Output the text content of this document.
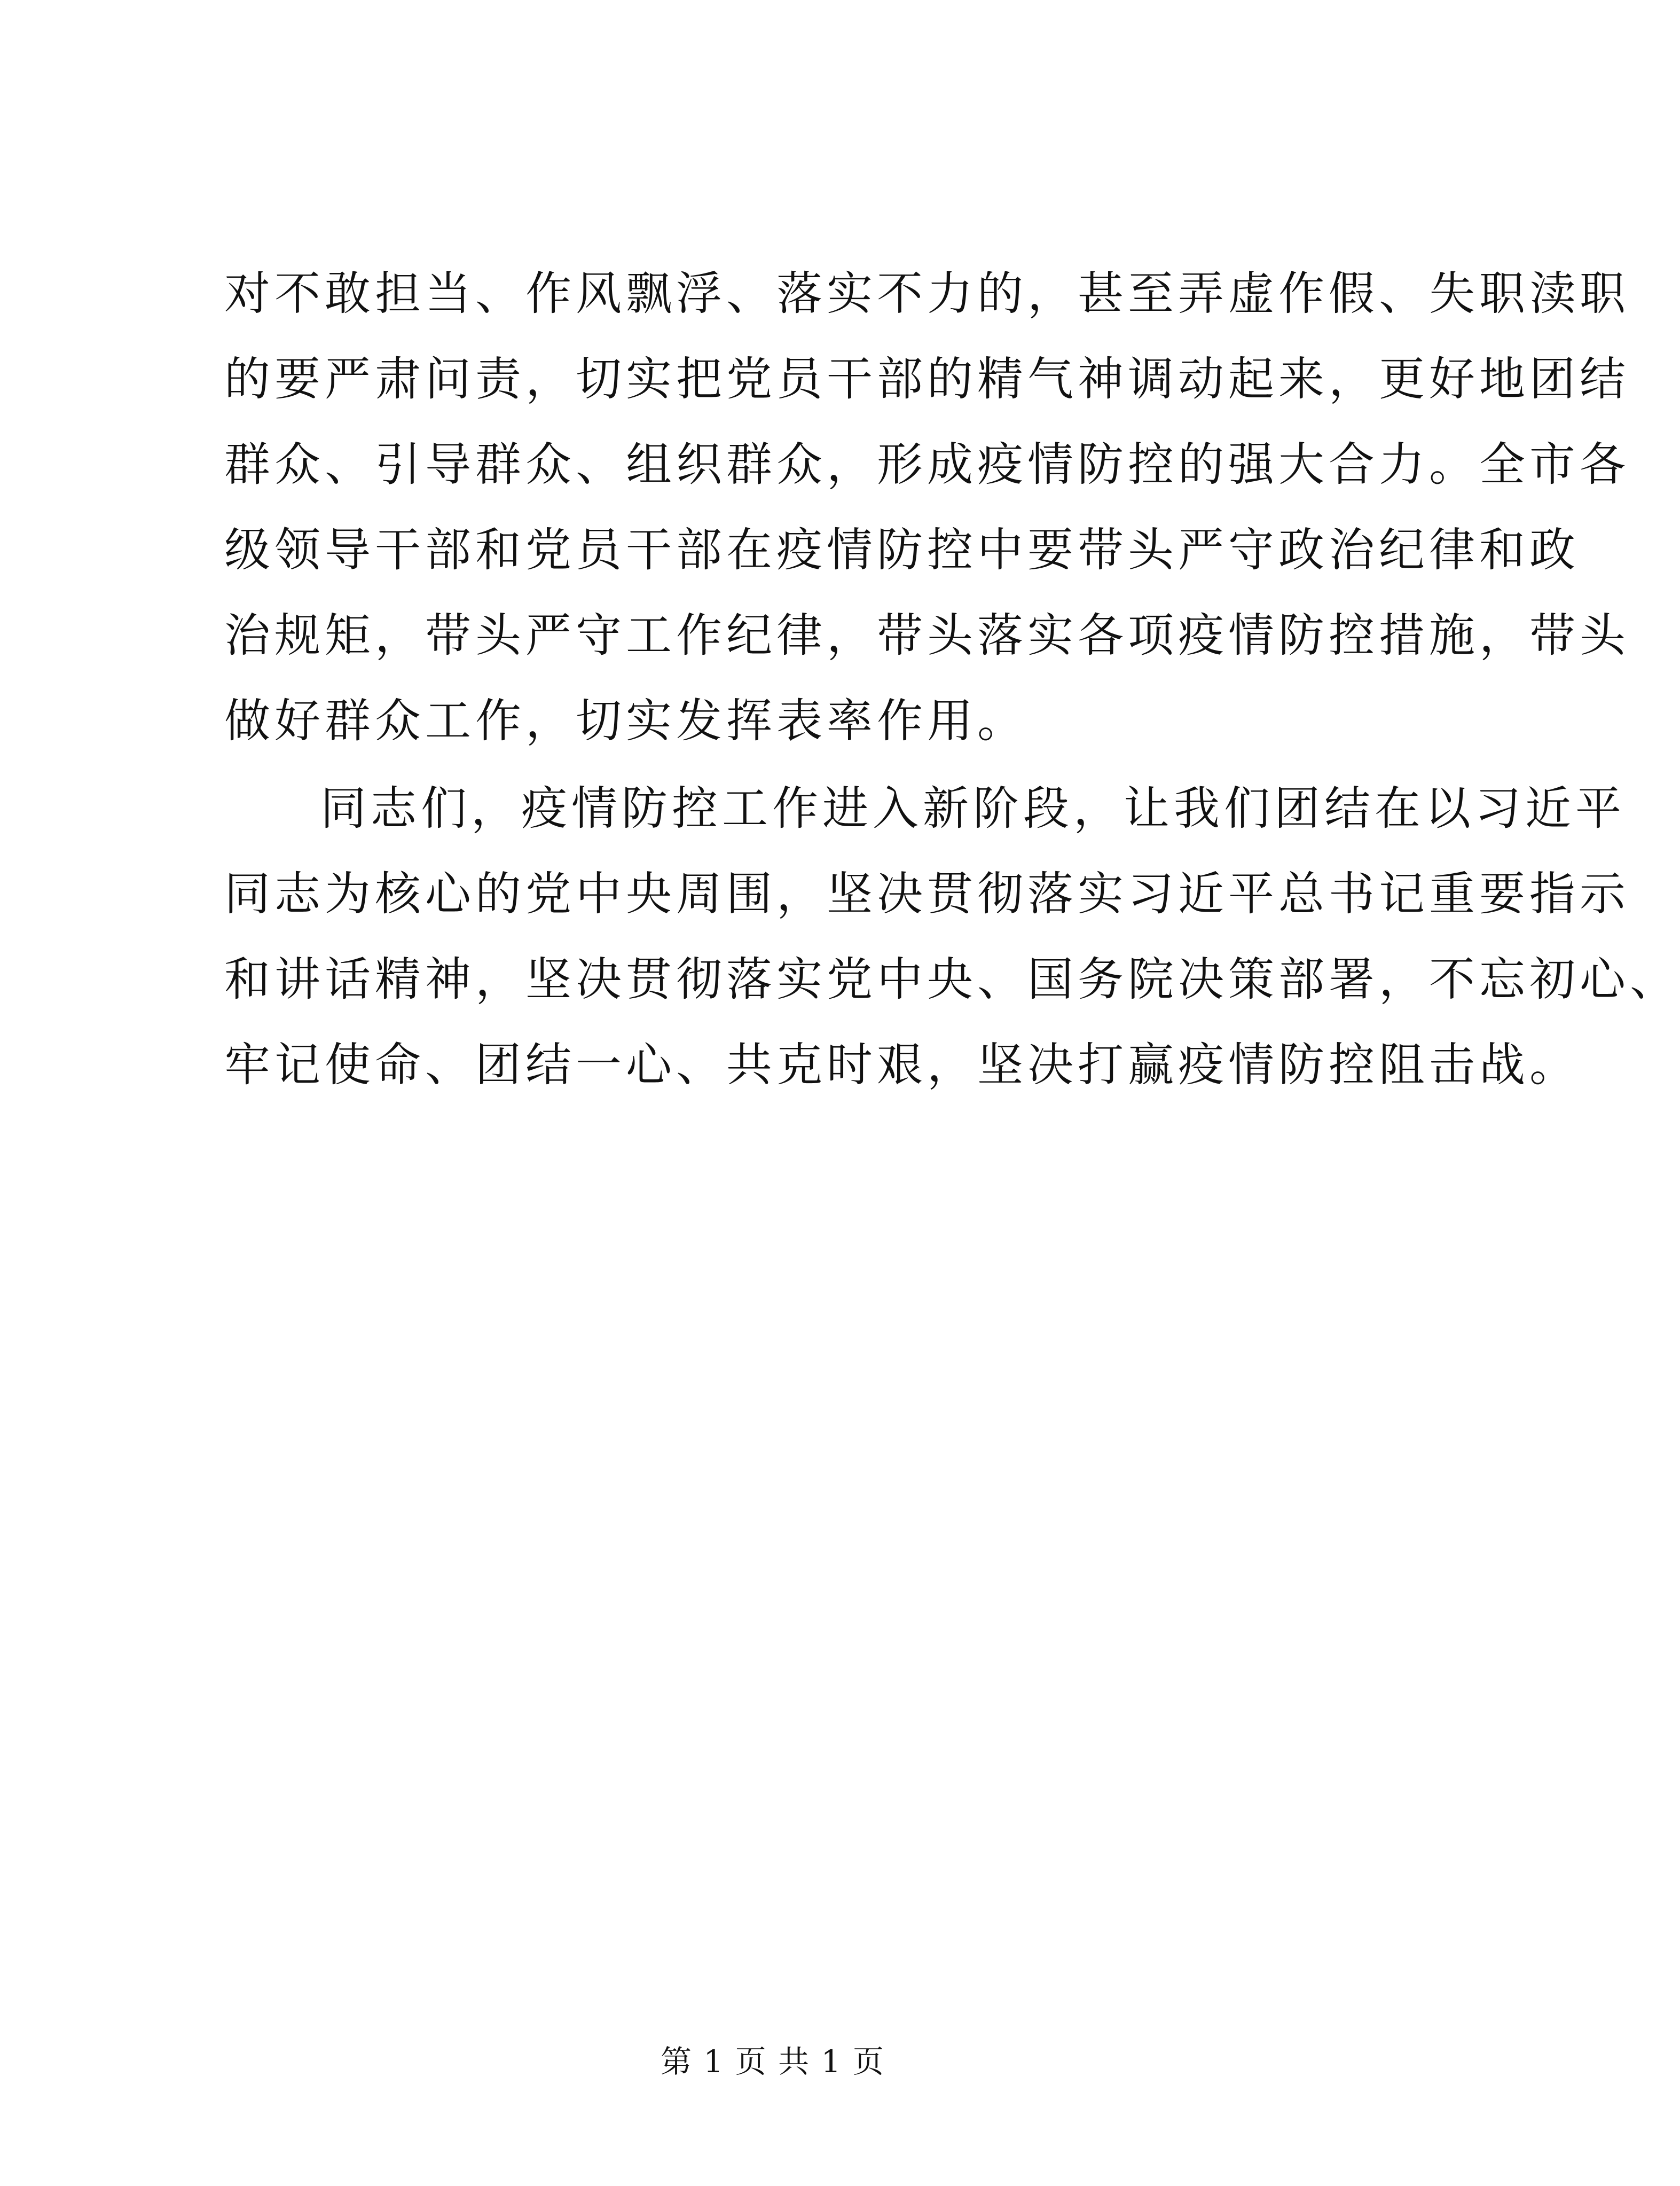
对不敢担当、作风飘浮、落实不力的，甚至弄虚作假、失职渎职
的要严肃问责，切实把党员干部的精气神调动起来，更好地团结
群众、引导群众、组织群众，形成疫情防控的强大合力。全市各
级领导干部和党员干部在疫情防控中要带头严守政治纪律和政
治规矩，带头严守工作纪律，带头落实各项疫情防控措施，带头
做好群众工作，切实发挥表率作用。
同志们，疫情防控工作进入新阶段，让我们团结在以习近平
同志为核心的党中央周围，坚决贯彻落实习近平总书记重要指示
和讲话精神，坚决贯彻落实党中央、国务院决策部署，不忘初心、
牢记使命、团结一心、共克时艰，坚决打赢疫情防控阻击战。
第 1 页 共 1 页
